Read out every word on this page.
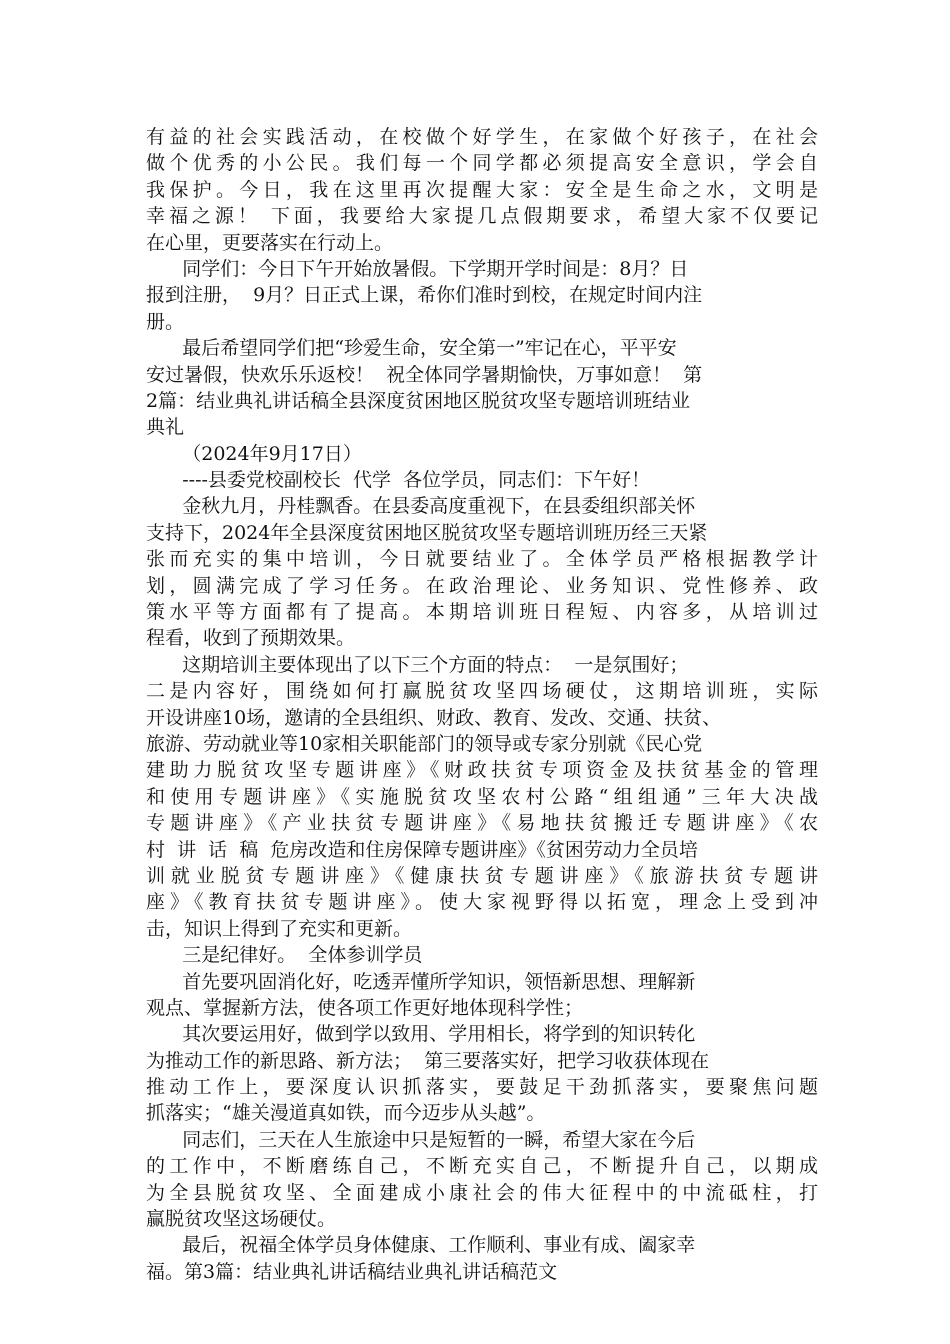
有益的社会实践活动，在校做个好学生，在家做个好孩子，在社会
做个优秀的小公民。我们每一个同学都必须提高安全意识，学会自
我保护。今日，我在这里再次提醒大家：安全是生命之水，文明是
幸福之源！ 下面，我要给大家提几点假期要求，希望大家不仅要记
在心里，更要落实在行动上。
同学们：今日下午开始放暑假。下学期开学时间是：8月？日
报到注册，  9月？日正式上课，希你们准时到校，在规定时间内注
册。
最后希望同学们把“珍爱生命，安全第一”牢记在心，平平安
安过暑假，快欢乐乐返校！  祝全体同学暑期愉快，万事如意！  第
2篇：结业典礼讲话稿全县深度贫困地区脱贫攻坚专题培训班结业
典礼
（2024年9月17日）
----县委党校副校长  代学  各位学员，同志们：下午好！
金秋九月，丹桂飘香。在县委高度重视下，在县委组织部关怀
支持下，2024年全县深度贫困地区脱贫攻坚专题培训班历经三天紧
张而充实的集中培训，今日就要结业了。全体学员严格根据教学计
划，圆满完成了学习任务。在政治理论、业务知识、党性修养、政
策水平等方面都有了提高。本期培训班日程短、内容多，从培训过
程看，收到了预期效果。
这期培训主要体现出了以下三个方面的特点：  一是氛围好；
二是内容好，围绕如何打赢脱贫攻坚四场硬仗，这期培训班，实际
开设讲座10场，邀请的全县组织、财政、教育、发改、交通、扶贫、
旅游、劳动就业等10家相关职能部门的领导或专家分别就《民心党
建助力脱贫攻坚专题讲座》《财政扶贫专项资金及扶贫基金的管理
和使用专题讲座》《实施脱贫攻坚农村公路“组组通”三年大决战
专题讲座》《产业扶贫专题讲座》《易地扶贫搬迁专题讲座》《农
村  讲  话  稿  危房改造和住房保障专题讲座》《贫困劳动力全员培
训就业脱贫专题讲座》《健康扶贫专题讲座》《旅游扶贫专题讲
座》《教育扶贫专题讲座》。使大家视野得以拓宽，理念上受到冲
击，知识上得到了充实和更新。
三是纪律好。  全体参训学员
首先要巩固消化好，吃透弄懂所学知识，领悟新思想、理解新
观点、掌握新方法，使各项工作更好地体现科学性；
其次要运用好，做到学以致用、学用相长，将学到的知识转化
为推动工作的新思路、新方法；  第三要落实好，把学习收获体现在
推动工作上，要深度认识抓落实，要鼓足干劲抓落实，要聚焦问题
抓落实；“雄关漫道真如铁，而今迈步从头越”。
同志们，三天在人生旅途中只是短暂的一瞬，希望大家在今后
的工作中，不断磨练自己，不断充实自己，不断提升自己，以期成
为全县脱贫攻坚、全面建成小康社会的伟大征程中的中流砥柱，打
赢脱贫攻坚这场硬仗。
最后，祝福全体学员身体健康、工作顺利、事业有成、阖家幸
福。第3篇：结业典礼讲话稿结业典礼讲话稿范文
